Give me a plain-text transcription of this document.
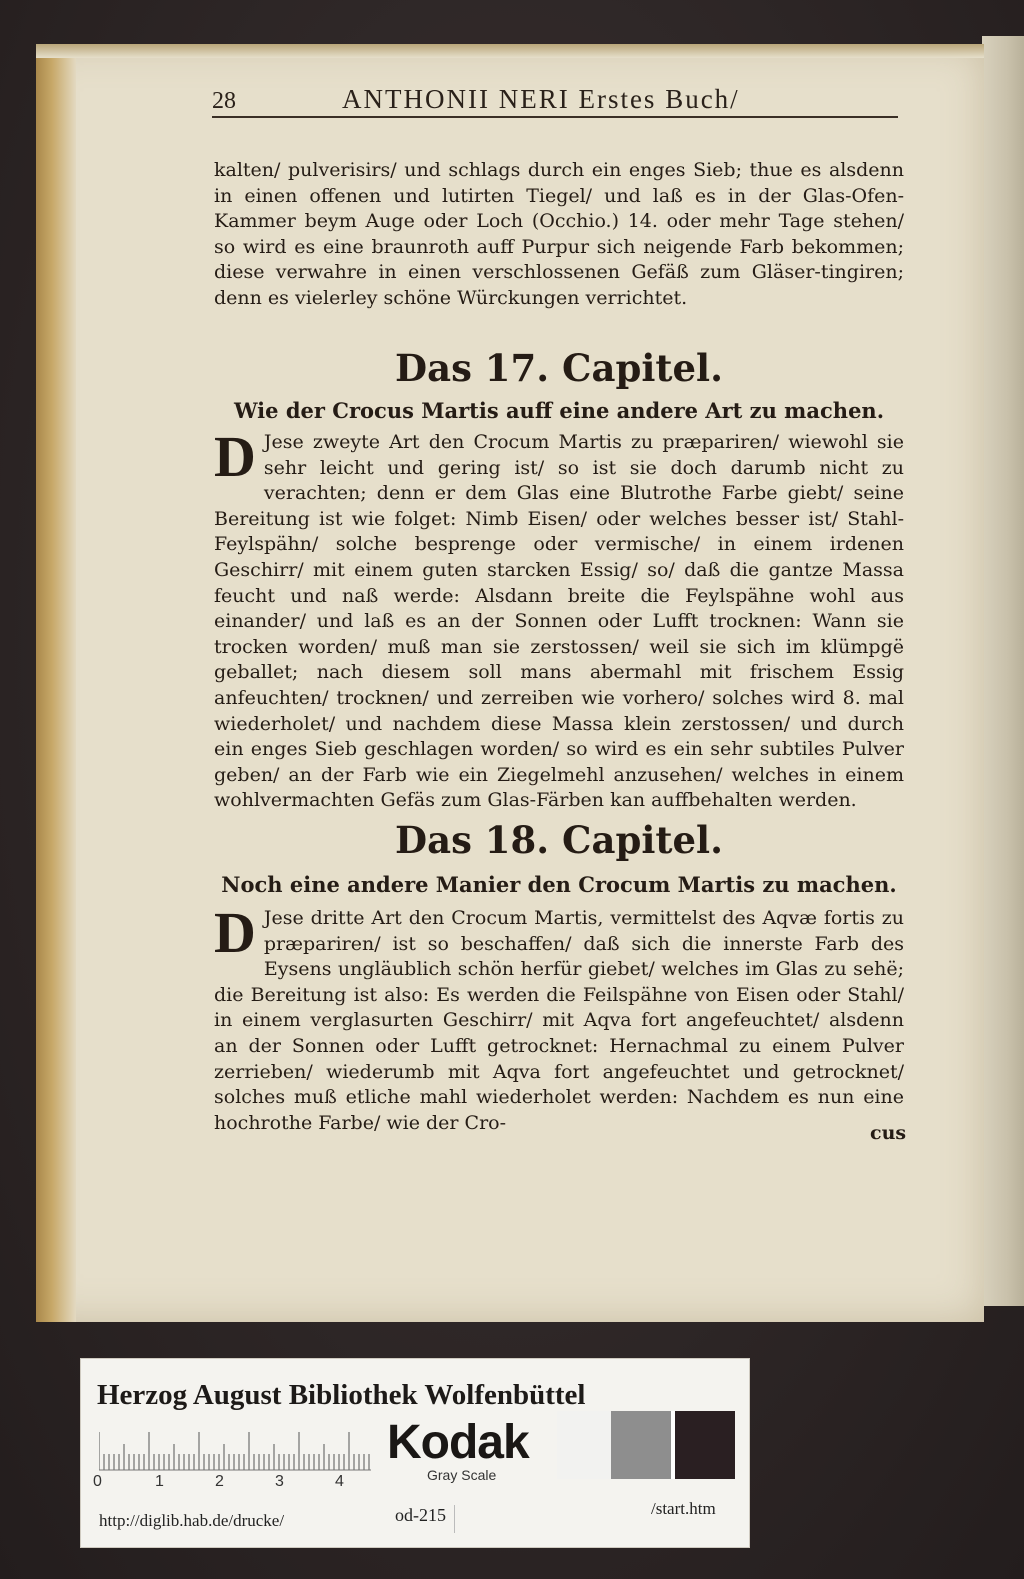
28	ANTHONII NERI Erstes Buch/

kalten/ pulverisirs/ und schlags durch ein enges Sieb; thue es alsdenn in einen offenen und lutirten Tiegel/ und laß es in der Glas-Ofen-Kammer beym Auge oder Loch (Occhio.) 14. oder mehr Tage stehen/ so wird es eine braunroth auff Purpur sich neigende Farb bekommen; diese verwahre in einen verschlossenen Gefäß zum Gläser-tingiren; denn es vielerley schöne Würckungen verrichtet.

Das 17. Capitel.
Wie der Crocus Martis auff eine andere Art zu machen.

D Jese zweyte Art den Crocum Martis zu præpariren/ wiewohl sie sehr leicht und gering ist/ so ist sie doch darumb nicht zu verachten; denn er dem Glas eine Blutrothe Farbe giebt/ seine Bereitung ist wie folget: Nimb Eisen/ oder welches besser ist/ Stahl-Feylspähn/ solche besprenge oder vermische/ in einem irdenen Geschirr/ mit einem guten starcken Essig/ so/ daß die gantze Massa feucht und naß werde: Alsdann breite die Feylspähne wohl aus einander/ und laß es an der Sonnen oder Lufft trocknen: Wann sie trocken worden/ muß man sie zerstossen/ weil sie sich im klümpgë geballet; nach diesem soll mans abermahl mit frischem Essig anfeuchten/ trocknen/ und zerreiben wie vorhero/ solches wird 8. mal wiederholet/ und nachdem diese Massa klein zerstossen/ und durch ein enges Sieb geschlagen worden/ so wird es ein sehr subtiles Pulver geben/ an der Farb wie ein Ziegelmehl anzusehen/ welches in einem wohlvermachten Gefäs zum Glas-Färben kan auffbehalten werden.

Das 18. Capitel.
Noch eine andere Manier den Crocum Martis zu machen.

D Jese dritte Art den Crocum Martis, vermittelst des Aqvæ fortis zu præpariren/ ist so beschaffen/ daß sich die innerste Farb des Eysens ungläublich schön herfür giebet/ welches im Glas zu sehë; die Bereitung ist also: Es werden die Feilspähne von Eisen oder Stahl/ in einem verglasurten Geschirr/ mit Aqva fort angefeuchtet/ alsdenn an der Sonnen oder Lufft getrocknet: Hernachmal zu einem Pulver zerrieben/ wiederumb mit Aqva fort angefeuchtet und getrocknet/ solches muß etliche mahl wiederholet werden: Nachdem es nun eine hochrothe Farbe/ wie der Cro-	cus
Herzog August Bibliothek Wolfenbüttel
0	1	2	3	4
Kodak
Gray Scale
http://diglib.hab.de/drucke/	od-215	/start.htm
